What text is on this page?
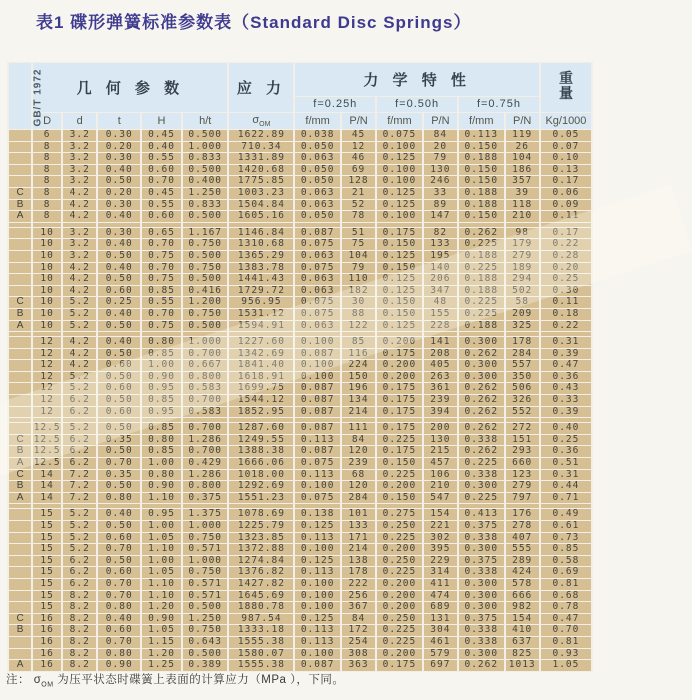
表1 碟形弹簧标准参数表（Standard Disc Springs）
GB/T 1972	几 何 参 数					应 力	力 学 特 性						重量
							f=0.25h		f=0.50h		f=0.75h		
	D	d	t	H	h/t	$\sigma_{OM}$	f/mm	P/N	f/mm	P/N	f/mm	P/N	Kg/1000
	6	3.2	0.30	0.45	0.500	1622.89	0.038	45	0.075	84	0.113	119	0.05
	8	3.2	0.20	0.40	1.000	710.34	0.050	12	0.100	20	0.150	26	0.07
	8	3.2	0.30	0.55	0.833	1331.89	0.063	46	0.125	79	0.188	104	0.10
	8	3.2	0.40	0.60	0.500	1420.68	0.050	69	0.100	130	0.150	186	0.13
	8	3.2	0.50	0.70	0.400	1775.85	0.050	128	0.100	246	0.150	357	0.17
C	8	4.2	0.20	0.45	1.250	1003.23	0.063	21	0.125	33	0.188	39	0.06
B	8	4.2	0.30	0.55	0.833	1504.84	0.063	52	0.125	89	0.188	118	0.09
A	8	4.2	0.40	0.60	0.500	1605.16	0.050	78	0.100	147	0.150	210	0.11

	10	3.2	0.30	0.65	1.167	1146.84	0.087	51	0.175	82	0.262	98	0.17
	10	3.2	0.40	0.70	0.750	1310.68	0.075	75	0.150	133	0.225	179	0.22
	10	3.2	0.50	0.75	0.500	1365.29	0.063	104	0.125	195	0.188	279	0.28
	10	4.2	0.40	0.70	0.750	1383.78	0.075	79	0.150	140	0.225	189	0.20
	10	4.2	0.50	0.75	0.500	1441.43	0.063	110	0.125	206	0.188	294	0.25
	10	4.2	0.60	0.85	0.416	1729.72	0.063	182	0.125	347	0.188	502	0.30
C	10	5.2	0.25	0.55	1.200	956.95	0.075	30	0.150	48	0.225	58	0.11
B	10	5.2	0.40	0.70	0.750	1531.12	0.075	88	0.150	155	0.225	209	0.18
A	10	5.2	0.50	0.75	0.500	1594.91	0.063	122	0.125	228	0.188	325	0.22

	12	4.2	0.40	0.80	1.000	1227.60	0.100	85	0.200	141	0.300	178	0.31
	12	4.2	0.50	0.85	0.700	1342.69	0.087	116	0.175	208	0.262	284	0.39
	12	4.2	0.60	1.00	0.667	1841.40	0.100	224	0.200	405	0.300	557	0.47
	12	5.2	0.50	0.90	0.800	1618.91	0.100	150	0.200	263	0.300	350	0.36
	12	5.2	0.60	0.95	0.583	1699.75	0.087	196	0.175	361	0.262	506	0.43
	12	6.2	0.50	0.85	0.700	1544.12	0.087	134	0.175	239	0.262	326	0.33
	12	6.2	0.60	0.95	0.583	1852.95	0.087	214	0.175	394	0.262	552	0.39

	12.5	5.2	0.50	0.85	0.700	1287.60	0.087	111	0.175	200	0.262	272	0.40
C	12.5	6.2	0.35	0.80	1.286	1249.55	0.113	84	0.225	130	0.338	151	0.25
B	12.5	6.2	0.50	0.85	0.700	1388.38	0.087	120	0.175	215	0.262	293	0.36
A	12.5	6.2	0.70	1.00	0.429	1666.06	0.075	239	0.150	457	0.225	660	0.51
C	14	7.2	0.35	0.80	1.286	1018.00	0.113	68	0.225	106	0.338	123	0.31
B	14	7.2	0.50	0.90	0.800	1292.69	0.100	120	0.200	210	0.300	279	0.44
A	14	7.2	0.80	1.10	0.375	1551.23	0.075	284	0.150	547	0.225	797	0.71

	15	5.2	0.40	0.95	1.375	1078.69	0.138	101	0.275	154	0.413	176	0.49
	15	5.2	0.50	1.00	1.000	1225.79	0.125	133	0.250	221	0.375	278	0.61
	15	5.2	0.60	1.05	0.750	1323.85	0.113	171	0.225	302	0.338	407	0.73
	15	5.2	0.70	1.10	0.571	1372.88	0.100	214	0.200	395	0.300	555	0.85
	15	6.2	0.50	1.00	1.000	1274.84	0.125	138	0.250	229	0.375	289	0.58
	15	6.2	0.60	1.05	0.750	1376.82	0.113	178	0.225	314	0.338	424	0.69
	15	6.2	0.70	1.10	0.571	1427.82	0.100	222	0.200	411	0.300	578	0.81
	15	8.2	0.70	1.10	0.571	1645.69	0.100	256	0.200	474	0.300	666	0.68
	15	8.2	0.80	1.20	0.500	1880.78	0.100	367	0.200	689	0.300	982	0.78
C	16	8.2	0.40	0.90	1.250	987.54	0.125	84	0.250	131	0.375	154	0.47
B	16	8.2	0.60	1.05	0.750	1333.18	0.113	172	0.225	304	0.338	410	0.70
	16	8.2	0.70	1.15	0.643	1555.38	0.113	254	0.225	461	0.338	637	0.81
	16	8.2	0.80	1.20	0.500	1580.07	0.100	308	0.200	579	0.300	825	0.93
A	16	8.2	0.90	1.25	0.389	1555.38	0.087	363	0.175	697	0.262	1013	1.05
注： $\sigma_{OM}$ 为压平状态时碟簧上表面的计算应力（MPa ），下同。
